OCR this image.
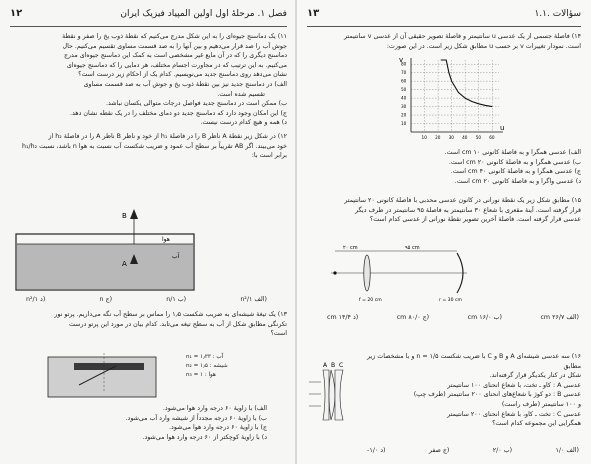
۱۲	فصل ۱. مرحلهٔ اول اولین المپیاد فیزیک ایران

۱۱) یک دماسنج جیوه‌ای را به این شکل مدرج می‌کنیم که نقطهٔ ذوب یخ را صفر و نقطهٔ

جوش آب را صد قرار می‌دهیم و بین آنها را به صد قسمت مساوی تقسیم می‌کنیم. حال

دماسنج دیگری را که در آن مایع غیر مشخصی است به کمک این دماسنج جیوه‌ای مدرج

می‌کنیم. به این ترتیب که در مجاورت اجسام مختلف، هر دمایی را که دماسنج جیوه‌ای

نشان می‌دهد روی دماسنج جدید می‌نویسیم. کدام یک از احکام زیر درست است؟

الف) در دماسنج جدید نیز بین نقطهٔ ذوب یخ و جوش آب به صد قسمت مساوی

تقسیم شده است.

ب) ممکن است در دماسنج جدید فواصل درجات متوالی یکسان نباشد.

ج) این امکان وجود دارد که دماسنج جدید دو دمای مختلف را در یک نقطه نشان دهد.

د) همه و هیچ کدام درست نیست.

۱۲) در شکل زیر نقطهٔ A ناظر B را در فاصلهٔ h₁ از خود و ناظر B ناظر A را در فاصلهٔ h₂ از

خود می‌بیند. اگر AB تقریباً بر سطح آب عمود و ضریب شکست آب نسبت به هوا n باشد، نسبت h₁/h₂ برابر است با:

B
هوا
آب
A
(الف n²/۱
(ب ۱/n
(ج n
(د ۱/n²

۱۳) یک تیغهٔ شیشه‌ای به ضریب شکست ۱٫۵ را مماس بر سطح آب نگه می‌داریم. پرتو نور

تکرنگی مطابق شکل از آب به سطح تیغه می‌تابد. کدام بیان در مورد این پرتو درست

است؟

n₁ = ۱٫۳۳ : آب

n₂ = ۱٫۵ : شیشه

n₃ = ۱ : هوا

الف) با زاویهٔ ۶۰ درجه وارد هوا می‌شود.

ب) با زاویهٔ ۶۰ درجه مجدداً از شیشه وارد آب می‌شود.

ج) با زاویهٔ ۶۰ درجه وارد هوا می‌شود.

د) با زاویهٔ کوچکتر از ۶۰ درجه وارد هوا می‌شود.

۱.۱. سؤالات
۱۳

۱۴) فاصلهٔ جسمی از یک عدسی u سانتیمتر و فاصلهٔ تصویر حقیقی آن از عدسی v سانتیمتر

است. نمودار تغییرات v بر حسب u مطابق شکل زیر است. در این صورت:

10 20 30 40 50 60
10
20
30
40
50
60
70
80
u
v

الف) عدسی همگرا و به فاصلهٔ کانونی ۱۰ cm است.

ب) عدسی همگرا و به فاصلهٔ کانونی ۲۰ cm است.

ج) عدسی همگرا و به فاصلهٔ کانونی ۴۰ cm است.

د) عدسی واگرا و به فاصلهٔ کانونی ۲۰ cm است.

۱۵) مطابق شکل زیر یک نقطهٔ نورانی در کانون عدسی محدبی با فاصلهٔ کانونی ۲۰ سانتیمتر

قرار گرفته است. آینهٔ مقعری با شعاع ۳۰ سانتیمتر به فاصلهٔ ۹۵ سانتیمتر در طرف دیگر

عدسی قرار گرفته است. فاصلهٔ آخرین تصویر نقطهٔ نورانی از عدسی کدام است؟

۲۰ cm	۹۵ cm
f = 20 cm	r = 30 cm
(الف ۲۶/۷ cm
(ب ۱۶/۰ cm
(ج ۸۰/۰ cm
(د ۱۴/۴ cm
A B C

۱۶) سه عدسی شیشه‌ای A و B و C با ضریب شکست n = ۱/۵ و با مشخصات زیر مطابق

شکل در کنار یکدیگر قرار گرفته‌اند.

عدسی A : کاو ـ تخت، با شعاع انحنای ۱۰۰ سانتیمتر

عدسی B : دو کوژ با شعاع‌های انحنای ۲۰۰ سانتیمتر (طرف چپ)

و ۱۰۰ سانتیمتر (طرف راست)

عدسی C : تخت ـ کاو، با شعاع انحنای ۲۰۰ سانتیمتر

همگرایی این مجموعه کدام است؟

(الف ۱/۰
(ب ۲/۰
(ج صفر
(د ۱/۰-
